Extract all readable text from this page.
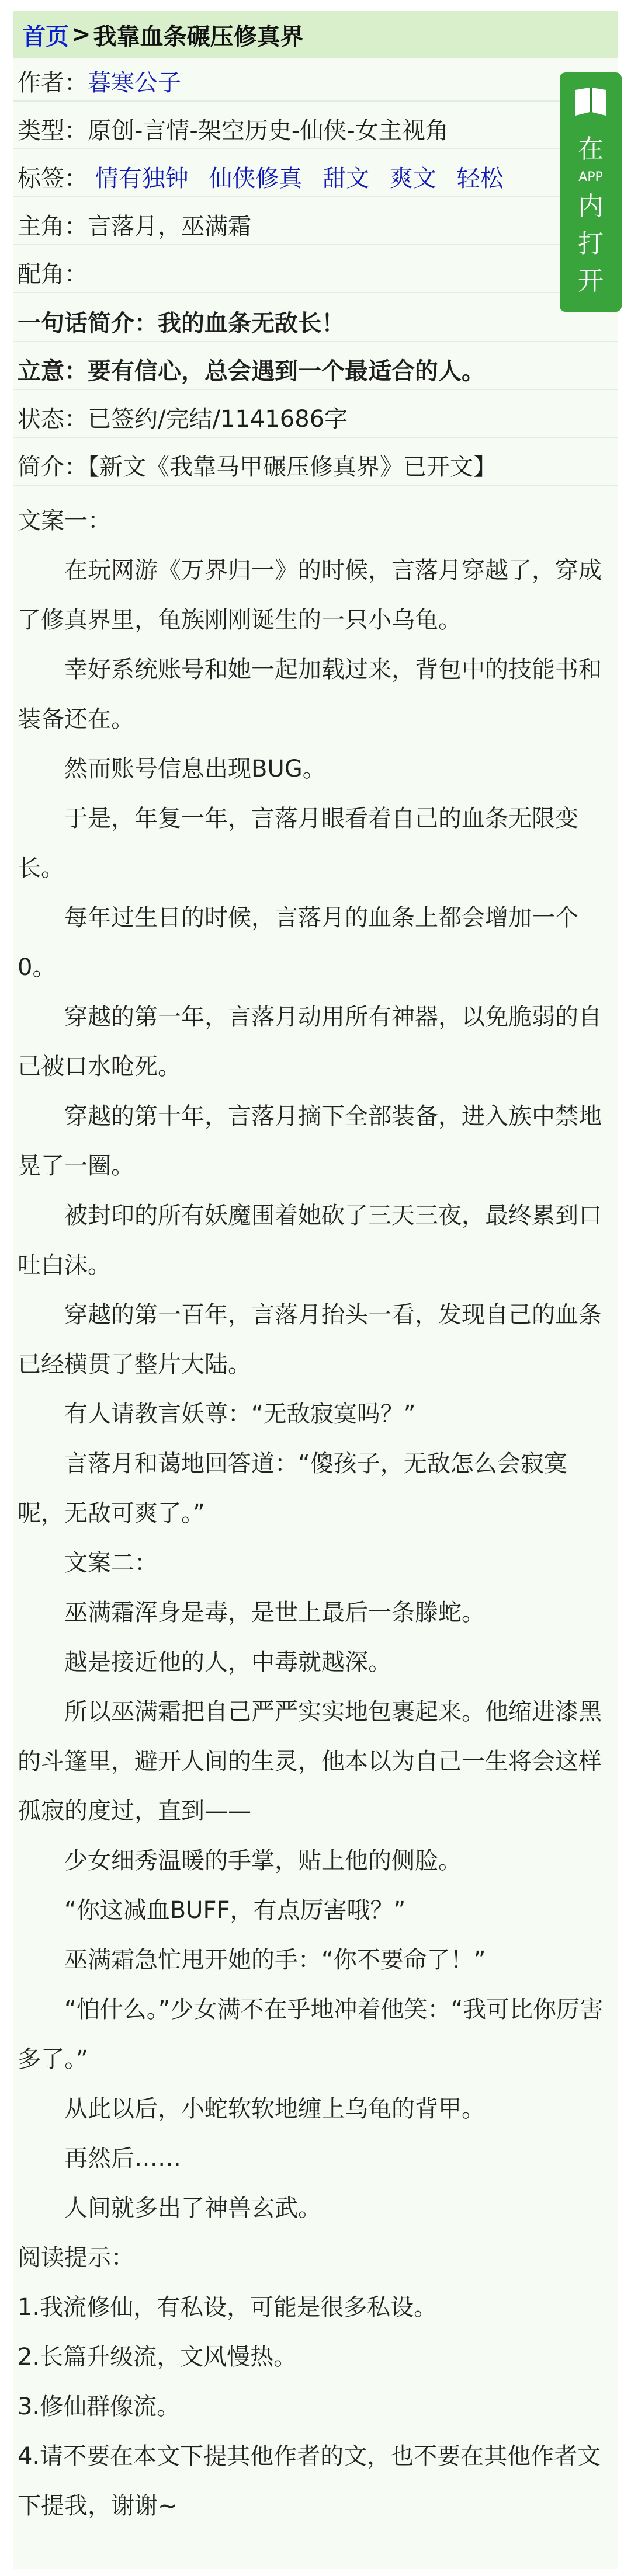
首页 > 我靠血条碾压修真界
作者：暮寒公子
类型：原创-言情-架空历史-仙侠-女主视角
标签： 情有独钟 仙侠修真 甜文 爽文 轻松
主角：言落月，巫满霜
配角：
一句话简介：我的血条无敌长！
立意：要有信心，总会遇到一个最适合的人。
状态：已签约/完结/1141686字
简介：【新文《我靠马甲碾压修真界》已开文】
在
APP
内
打
开
文案一：
在玩网游《万界归一》的时候，言落月穿越了，穿成了修真界里，龟族刚刚诞生的一只小乌龟。
幸好系统账号和她一起加载过来，背包中的技能书和装备还在。
然而账号信息出现BUG。
于是，年复一年，言落月眼看着自己的血条无限变长。
每年过生日的时候，言落月的血条上都会增加一个0。
穿越的第一年，言落月动用所有神器，以免脆弱的自己被口水呛死。
穿越的第十年，言落月摘下全部装备，进入族中禁地晃了一圈。
被封印的所有妖魔围着她砍了三天三夜，最终累到口吐白沫。
穿越的第一百年，言落月抬头一看，发现自己的血条已经横贯了整片大陆。
有人请教言妖尊：“无敌寂寞吗？”
言落月和蔼地回答道：“傻孩子，无敌怎么会寂寞呢，无敌可爽了。”
文案二：
巫满霜浑身是毒，是世上最后一条滕蛇。
越是接近他的人，中毒就越深。
所以巫满霜把自己严严实实地包裹起来。他缩进漆黑的斗篷里，避开人间的生灵，他本以为自己一生将会这样孤寂的度过，直到——
少女细秀温暖的手掌，贴上他的侧脸。
“你这减血BUFF，有点厉害哦？”
巫满霜急忙甩开她的手：“你不要命了！”
“怕什么。”少女满不在乎地冲着他笑：“我可比你厉害多了。”
从此以后，小蛇软软地缠上乌龟的背甲。
再然后……
人间就多出了神兽玄武。
阅读提示：
1.我流修仙，有私设，可能是很多私设。
2.长篇升级流，文风慢热。
3.修仙群像流。
4.请不要在本文下提其他作者的文，也不要在其他作者文下提我，谢谢~
